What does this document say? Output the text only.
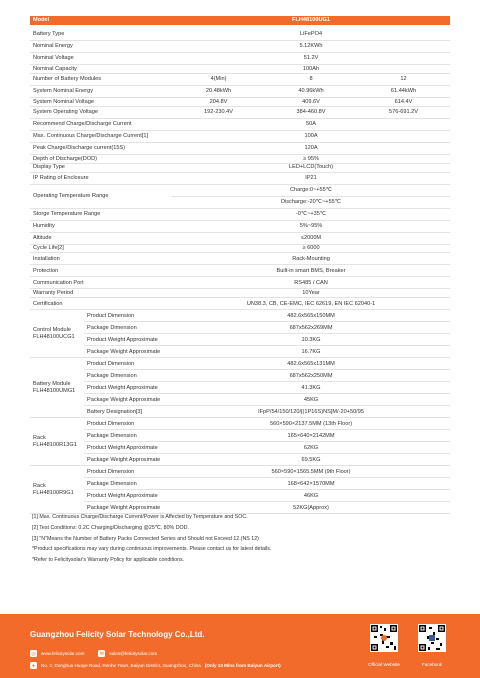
Model		FLH48100UG1		

Battery Type		LiFePO4		
Nominal Energy		5.12KWh		
Nominal Voltage		51.2V		
Nominal Capacity		100Ah		
Number of Battery Modules		4(Min)	8	12
System Nominal Energy		20.48kWh	40.96kWh	61.44kWh
System Nominal Voltage		204.8V	409.6V	614.4V
System Operating Voltage		192-230.4V	384-460.8V	576-691.2V
Recommend Charge/Discharge Current		50A		
Max. Continuous Charge/Discharge Current[1]		100A		
Peak Charge/Discharge current(15S)		120A		
Depth of Discharge(DOD)		≥ 95%		
Display Type		LED+LCD(Touch)		
IP Rating of Enclosure		IP21		
Operating Temperature Range		Charge:0~+55℃		
		Discharge:-20℃~+55℃		
Storge Temperature Range		-0℃~+35℃		
Humidity		5%~95%		
Altitude		≤2000M		
Cycle Life[2]		≥ 6000		
Installation		Rack-Mounting		
Protection		Built-in smart BMS, Breaker		
Communication Port		RS485 / CAN		
Warranty Period		10Year		
Certification		UN38.3, CB, CE-EMC, IEC 62619, EN IEC 62040-1		
Control Module
FLH48100UCG1	Product Dimension	482.6x565x150MM		
	Package Dimension	687x562x269MM		
	Product Weight Approximate	10.3KG		
	Package Weight Approximate	16.7KG		
Battery Module
FLH48100UMG1	Product Dimension	482.6x565x131MM		
	Package Dimension	687x562x250MM		
	Product Weight Approximate	41.3KG		
	Package Weight Approximate	45KG		
	Battery Designation[3]	IFpP/54/150/120/[(1P16S)NS]M/-20+50/95		
Rack
FLH48100R13G1	Product Dimension	560×590×2137.5MM (13th Floor)		
	Package Dimension	165×640×2142MM		
	Product Weight Approximate	62KG		
	Package Weight Approximate	69.5KG		
Rack
FLH48100R9G1	Product Dimension	560×590×1565.5MM (9th Floor)		
	Package Dimension	168×642×1570MM		
	Product Weight Approximate	46KG		
	Package Weight Approximate	52KG(Approx)		
[1] Max. Continuous Charge/Discharge Current/Power is Affected by Temperature and SOC.
[2] Test Conditions: 0.2C Charging/Discharging @25℃, 80% DOD.
[3] "N"Means the Number of Battery Packs Connected Series and Should not Exceed 12.(NS 12)
*Product specifications may vary during continuous improvements. Please contact us for latest details.
*Refer to Felicitysolar's Warranty Policy for applicable conditions.
Guangzhou Felicity Solar Technology Co.,Ltd.
◎ www.felicitysolar.com	✉	sales@felicitysolar.com
●	No. 2, Donghua Huaye Road, Renhe Town, Baiyun District, Guangzhou, China (Only 10 Mins from Baiyun Airport)	Official Website	Facebook
